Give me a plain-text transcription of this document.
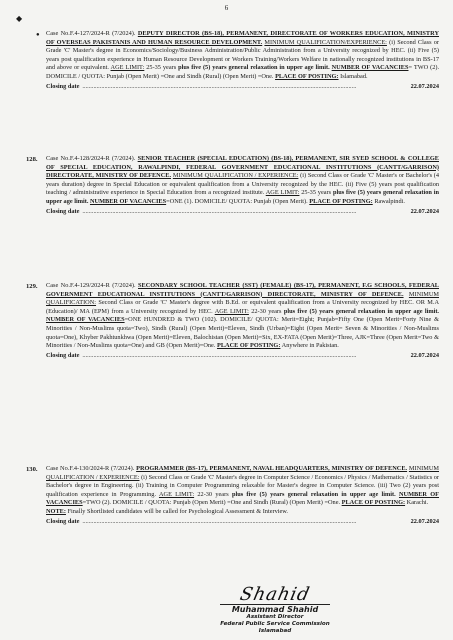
6
◆
● Case No.F.4-127/2024-R (7/2024). DEPUTY DIRECTOR (BS-18), PERMANENT, DIRECTORATE OF WORKERS EDUCATION, MINISTRY OF OVERSEAS PAKISTANIS AND HUMAN RESOURCE DEVELOPMENT. MINIMUM QUALIFICATION/EXPERIENCE: (i) Second Class or Grade 'C' Master's degree in Economics/Sociology/Business Administration/Public Administration from a University recognized by HEC. (ii) Five (5) years post qualification experience in Human Resource Development or Workers Training/Workers Welfare in nationally recognized institutions in BS-17 and above or equivalent. AGE LIMIT: 25-35 years plus five (5) years general relaxation in upper age limit. NUMBER OF VACANCIES= TWO (2). DOMICILE / QUOTA: Punjab (Open Merit) =One and Sindh (Rural) (Open Merit) =One. PLACE OF POSTING: Islamabad.

Closing date ..............................................................................................................................................................................	22.07.2024
128. Case No.F.4-128/2024-R (7/2024). SENIOR TEACHER (SPECIAL EDUCATION) (BS-18), PERMANENT, SIR SYED SCHOOL & COLLEGE OF SPECIAL EDUCATION, RAWALPINDI, FEDERAL GOVERNMENT EDUCATIONAL INSTITUTIONS (CANTT/GARRISON) DIRECTORATE, MINISTRY OF DEFENCE. MINIMUM QUALIFICATION / EXPERIENCE: (i) Second Class or Grade 'C' Master's or Bachelor's (4 years duration) degree in Special Education or equivalent qualification from a University recognized by the HEC. (ii) Five (5) years post qualification teaching / administrative experience in Special Education from a recognized institute. AGE LIMIT: 25-35 years plus five (5) years general relaxation in upper age limit. NUMBER OF VACANCIES=ONE (1). DOMICILE/ QUOTA: Punjab (Open Merit). PLACE OF POSTING: Rawalpindi.

Closing date ..............................................................................................................................................................................	22.07.2024
129. Case No.F.4-129/2024-R (7/2024). SECONDARY SCHOOL TEACHER (SST) (FEMALE) (BS-17), PERMANENT, F.G SCHOOLS, FEDERAL GOVERNMENT EDUCATIONAL INSTITUTIONS (CANTT/GARRISON) DIRECTORATE, MINISTRY OF DEFENCE. MINIMUM QUALIFICATION: Second Class or Grade 'C' Master's degree with B.Ed. or equivalent qualification from a University recognized by HEC. OR M.A (Education)/ MA (EPM) from a University recognized by HEC. AGE LIMIT: 22-30 years plus five (5) years general relaxation in upper age limit. NUMBER OF VACANCIES=ONE HUNDRED & TWO (102). DOMICILE/ QUOTA: Merit=Eight; Punjab=Fifty One (Open Merit=Forty Nine & Minorities / Non-Muslims quota=Two), Sindh (Rural) (Open Merit)=Eleven, Sindh (Urban)=Eight (Open Merit= Seven & Minorities / Non-Muslims quota=One), Khyber Pakhtunkhwa (Open Merit)=Eleven, Balochistan (Open Merit)=Six, EX-FATA (Open Merit)=Three, AJK=Three (Open Merit=Two & Minorities / Non-Muslims quota=One) and GB (Open Merit)=One. PLACE OF POSTING: Anywhere in Pakistan.

Closing date ..............................................................................................................................................................................	22.07.2024
130. Case No.F.4-130/2024-R (7/2024). PROGRAMMER (BS-17), PERMANENT, NAVAL HEADQUARTERS, MINISTRY OF DEFENCE. MINIMUM QUALIFICATION / EXPERIENCE: (i) Second Class or Grade 'C' Master's degree in Computer Science / Economics / Physics / Mathematics / Statistics or Bachelor's degree in Engineering. (ii) Training in Computer Programming relaxable for Master's degree in Computer Science. (iii) Two (2) years post qualification experience in Programming. AGE LIMIT: 22-30 years plus five (5) years general relaxation in upper age limit. NUMBER OF VACANCIES=TWO (2). DOMICILE / QUOTA: Punjab (Open Merit) =One and Sindh (Rural) (Open Merit) =One. PLACE OF POSTING: Karachi.

NOTE: Finally Shortlisted candidates will be called for Psychological Assessment & Interview.

Closing date ..............................................................................................................................................................................	22.07.2024
Shahid
Muhammad Shahid
Assistant Director
Federal Public Service Commission
Islamabad
